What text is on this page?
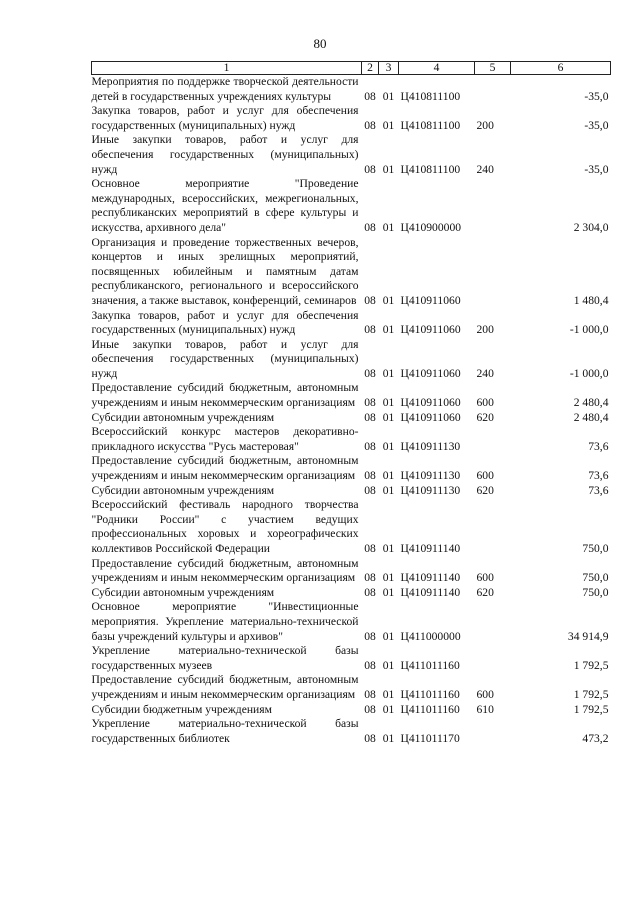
80
1	2	3	4	5	6
Мероприятия по поддержке творческой деятельности детей в государственных учреждениях культуры	08	01	Ц410811100		-35,0
Закупка товаров, работ и услуг для обеспечения государственных (муниципальных) нужд	08	01	Ц410811100	200	-35,0
Иные закупки товаров, работ и услуг для обеспечения государственных (муниципальных) нужд	08	01	Ц410811100	240	-35,0
Основное мероприятие "Проведение международных, всероссийских, межрегиональных, республиканских мероприятий в сфере культуры и искусства, архивного дела"	08	01	Ц410900000		2 304,0
Организация и проведение торжественных вечеров, концертов и иных зрелищных мероприятий, посвященных юбилейным и памятным датам республиканского, регионального и всероссийского значения, а также выставок, конференций, семинаров	08	01	Ц410911060		1 480,4
Закупка товаров, работ и услуг для обеспечения государственных (муниципальных) нужд	08	01	Ц410911060	200	-1 000,0
Иные закупки товаров, работ и услуг для обеспечения государственных (муниципальных) нужд	08	01	Ц410911060	240	-1 000,0
Предоставление субсидий бюджетным, автономным учреждениям и иным некоммерческим организациям	08	01	Ц410911060	600	2 480,4
Субсидии автономным учреждениям	08	01	Ц410911060	620	2 480,4
Всероссийский конкурс мастеров декоративно-прикладного искусства "Русь мастеровая"	08	01	Ц410911130		73,6
Предоставление субсидий бюджетным, автономным учреждениям и иным некоммерческим организациям	08	01	Ц410911130	600	73,6
Субсидии автономным учреждениям	08	01	Ц410911130	620	73,6
Всероссийский фестиваль народного творчества "Родники России" с участием ведущих профессиональных хоровых и хореографических коллективов Российской Федерации	08	01	Ц410911140		750,0
Предоставление субсидий бюджетным, автономным учреждениям и иным некоммерческим организациям	08	01	Ц410911140	600	750,0
Субсидии автономным учреждениям	08	01	Ц410911140	620	750,0
Основное мероприятие "Инвестиционные мероприятия. Укрепление материально-технической базы учреждений культуры и архивов"	08	01	Ц411000000		34 914,9
Укрепление материально-технической базы государственных музеев	08	01	Ц411011160		1 792,5
Предоставление субсидий бюджетным, автономным учреждениям и иным некоммерческим организациям	08	01	Ц411011160	600	1 792,5
Субсидии бюджетным учреждениям	08	01	Ц411011160	610	1 792,5
Укрепление материально-технической базы государственных библиотек	08	01	Ц411011170		473,2
